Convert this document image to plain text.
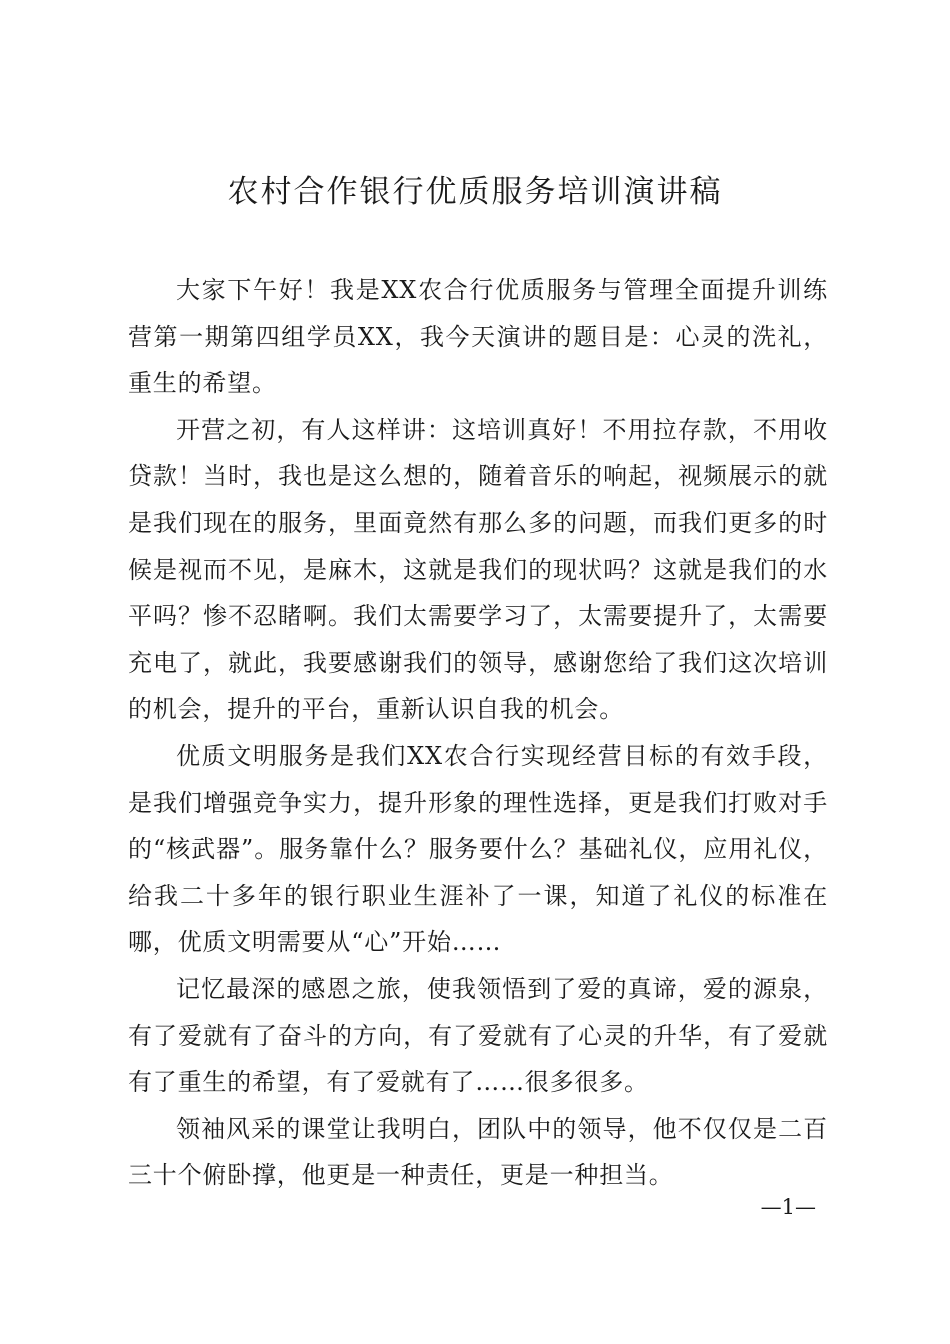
农村合作银行优质服务培训演讲稿

大家下午好！我是XX农合行优质服务与管理全面提升训练营第一期第四组学员XX，我今天演讲的题目是：心灵的洗礼，重生的希望。

开营之初，有人这样讲：这培训真好！不用拉存款，不用收贷款！当时，我也是这么想的，随着音乐的响起，视频展示的就是我们现在的服务，里面竟然有那么多的问题，而我们更多的时候是视而不见，是麻木，这就是我们的现状吗？这就是我们的水平吗？惨不忍睹啊。我们太需要学习了，太需要提升了，太需要充电了，就此，我要感谢我们的领导，感谢您给了我们这次培训的机会，提升的平台，重新认识自我的机会。

优质文明服务是我们XX农合行实现经营目标的有效手段，是我们增强竞争实力，提升形象的理性选择，更是我们打败对手的“核武器”。服务靠什么？服务要什么？基础礼仪，应用礼仪，给我二十多年的银行职业生涯补了一课，知道了礼仪的标准在哪，优质文明需要从“心”开始……

记忆最深的感恩之旅，使我领悟到了爱的真谛，爱的源泉，有了爱就有了奋斗的方向，有了爱就有了心灵的升华，有了爱就有了重生的希望，有了爱就有了……很多很多。

领袖风采的课堂让我明白，团队中的领导，他不仅仅是二百三十个俯卧撑，他更是一种责任，更是一种担当。

—1—
